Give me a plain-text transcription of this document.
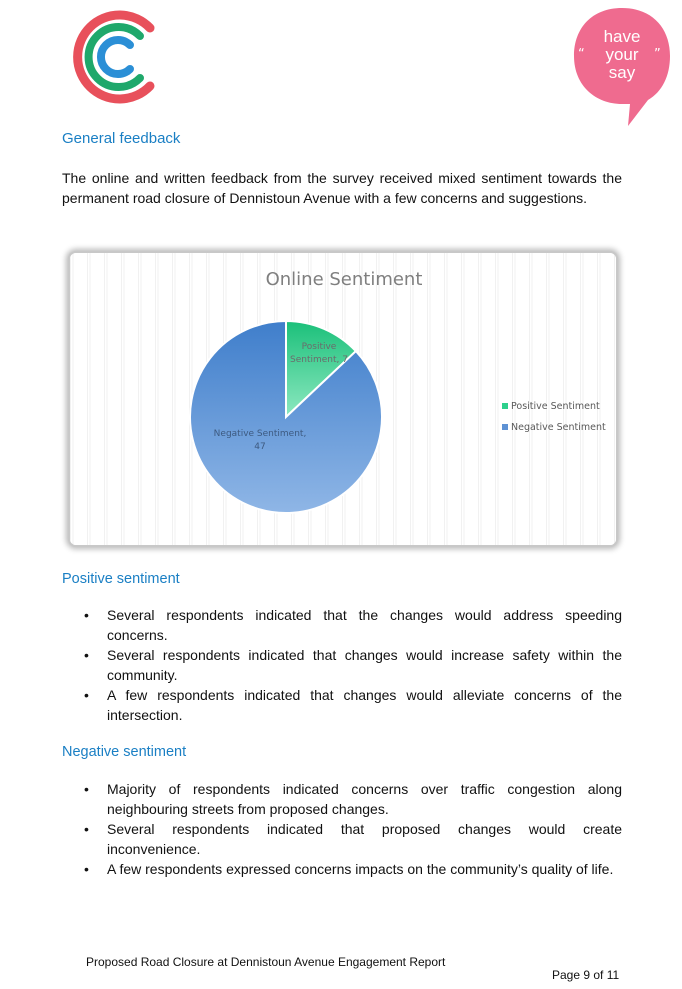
“	”
have
your
say
General feedback

The online and written feedback from the survey received mixed sentiment towards the permanent road closure of Dennistoun Avenue with a few concerns and suggestions.

Online Sentiment
Positive
Sentiment, 7
Negative Sentiment,
47
Positive Sentiment
Negative Sentiment
Positive sentiment
• Several respondents indicated that the changes would address speeding concerns.
• Several respondents indicated that changes would increase safety within the community.
• A few respondents indicated that changes would alleviate concerns of the intersection.
Negative sentiment
• Majority of respondents indicated concerns over traffic congestion along neighbouring streets from proposed changes.
• Several respondents indicated that proposed changes would create inconvenience.
• A few respondents expressed concerns impacts on the community’s quality of life.

Proposed Road Closure at Dennistoun Avenue Engagement Report

Page 9 of 11
